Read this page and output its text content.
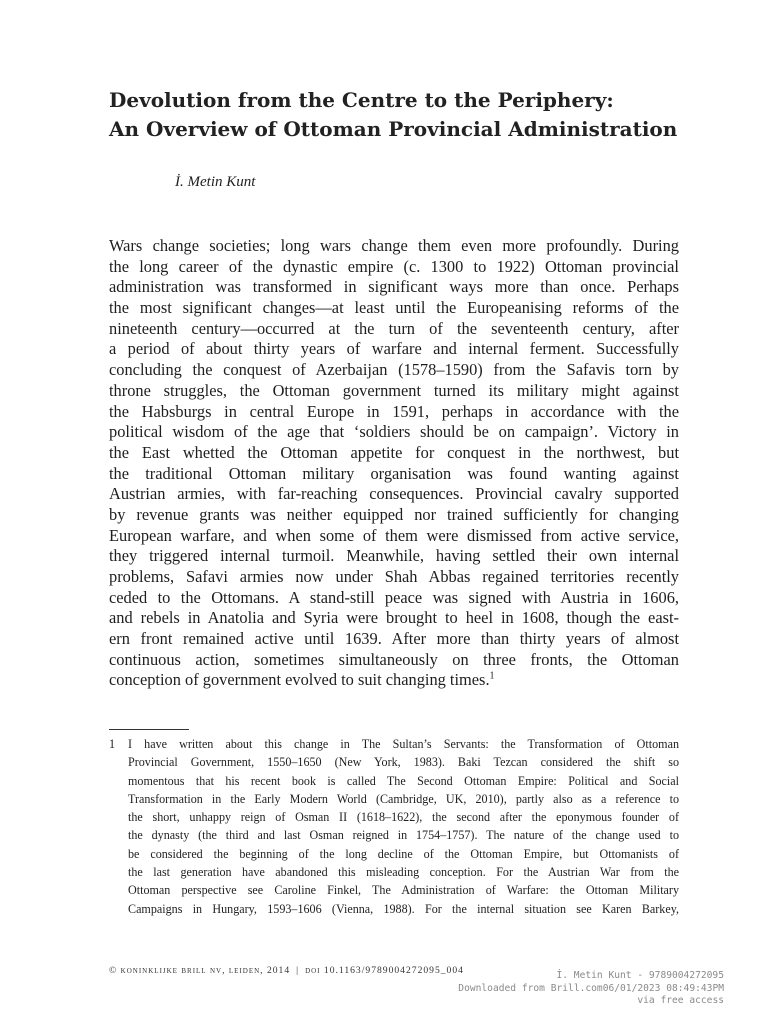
Devolution from the Centre to the Periphery:
An Overview of Ottoman Provincial Administration
İ. Metin Kunt
Wars change societies; long wars change them even more profoundly. During
the long career of the dynastic empire (c. 1300 to 1922) Ottoman provincial
administration was transformed in significant ways more than once. Perhaps
the most significant changes—at least until the Europeanising reforms of the
nineteenth century—occurred at the turn of the seventeenth century, after
a period of about thirty years of warfare and internal ferment. Successfully
concluding the conquest of Azerbaijan (1578–1590) from the Safavis torn by
throne struggles, the Ottoman government turned its military might against
the Habsburgs in central Europe in 1591, perhaps in accordance with the
political wisdom of the age that ‘soldiers should be on campaign’. Victory in
the East whetted the Ottoman appetite for conquest in the northwest, but
the traditional Ottoman military organisation was found wanting against
Austrian armies, with far-reaching consequences. Provincial cavalry supported
by revenue grants was neither equipped nor trained sufficiently for changing
European warfare, and when some of them were dismissed from active service,
they triggered internal turmoil. Meanwhile, having settled their own internal
problems, Safavi armies now under Shah Abbas regained territories recently
ceded to the Ottomans. A stand-still peace was signed with Austria in 1606,
and rebels in Anatolia and Syria were brought to heel in 1608, though the east-
ern front remained active until 1639. After more than thirty years of almost
continuous action, sometimes simultaneously on three fronts, the Ottoman
conception of government evolved to suit changing times.$^1$
1 I have written about this change in The Sultan’s Servants: the Transformation of Ottoman
Provincial Government, 1550–1650 (New York, 1983). Baki Tezcan considered the shift so
momentous that his recent book is called The Second Ottoman Empire: Political and Social
Transformation in the Early Modern World (Cambridge, UK, 2010), partly also as a reference to
the short, unhappy reign of Osman II (1618–1622), the second after the eponymous founder of
the dynasty (the third and last Osman reigned in 1754–1757). The nature of the change used to
be considered the beginning of the long decline of the Ottoman Empire, but Ottomanists of
the last generation have abandoned this misleading conception. For the Austrian War from the
Ottoman perspective see Caroline Finkel, The Administration of Warfare: the Ottoman Military
Campaigns in Hungary, 1593–1606 (Vienna, 1988). For the internal situation see Karen Barkey,
© koninklijke brill nv, leiden, 2014 | doi 10.1163/9789004272095_004	İ. Metin Kunt - 9789004272095
Downloaded from Brill.com06/01/2023 08:49:43PM
via free access
